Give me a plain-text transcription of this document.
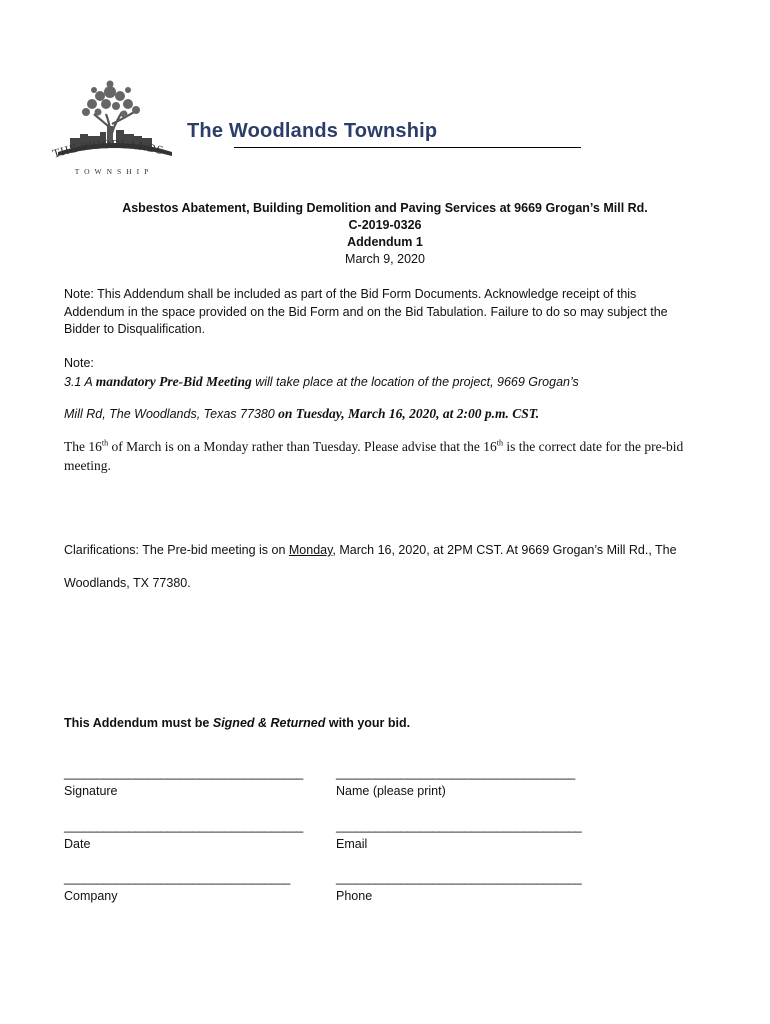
THE WOODLANDS
TOWNSHIP
The Woodlands Township
Asbestos Abatement, Building Demolition and Paving Services at 9669 Grogan’s Mill Rd.
C-2019-0326
Addendum 1
March 9, 2020
Note: This Addendum shall be included as part of the Bid Form Documents. Acknowledge receipt of this
Addendum in the space provided on the Bid Form and on the Bid Tabulation. Failure to do so may subject the
Bidder to Disqualification.
Note:
3.1 A mandatory Pre-Bid Meeting will take place at the location of the project, 9669 Grogan’s
Mill Rd, The Woodlands, Texas 77380 on Tuesday, March 16, 2020, at 2:00 p.m. CST.
The 16th of March is on a Monday rather than Tuesday. Please advise that the 16th is the correct date for the pre-bid
meeting.
Clarifications: The Pre-bid meeting is on Monday, March 16, 2020, at 2PM CST. At 9669 Grogan’s Mill Rd., The
Woodlands, TX 77380.
This Addendum must be Signed & Returned with your bid.
_____________________________________	_____________________________________
Signature	Name (please print)
_____________________________________	______________________________________
Date	Email
___________________________________	______________________________________
Company	Phone
